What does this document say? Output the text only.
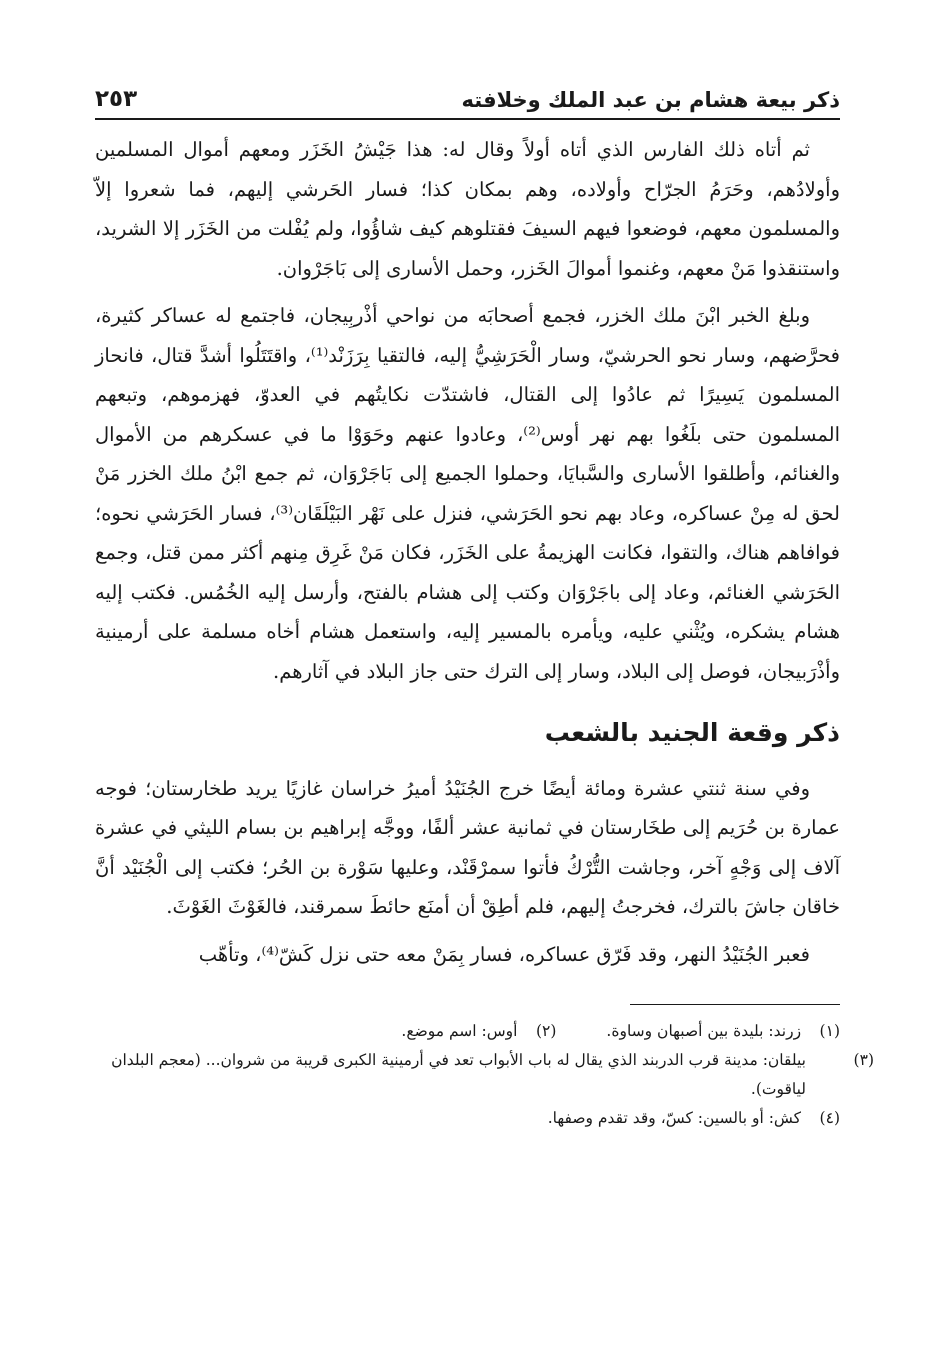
ذكر بيعة هشام بن عبد الملك وخلافته
٢٥٣

ثم أتاه ذلك الفارس الذي أتاه أولاً وقال له: هذا جَيْشُ الخَزَر ومعهم أموال المسلمين وأولادُهم، وحَرَمُ الجرّاح وأولاده، وهم بمكان كذا؛ فسار الحَرشي إليهم، فما شعروا إلاّ والمسلمون معهم، فوضعوا فيهم السيفَ فقتلوهم كيف شاؤُوا، ولم يُفْلت من الخَزَر إلا الشريد، واستنقذوا مَنْ معهم، وغنموا أموالَ الخَزر، وحمل الأسارى إلى بَاجَرْوان.

وبلغ الخبر ابْنَ ملك الخزر، فجمع أصحابَه من نواحي أذْربِيجان، فاجتمع له عساكر كثيرة، فحرَّضهم، وسار نحو الحرشيّ، وسار الْحَرَشِيُّ إليه، فالتقيا بِرَزَنْد⁽¹⁾، واقتَتَلُوا أشدَّ قتال، فانحاز المسلمون يَسِيرًا ثم عادُوا إلى القتال، فاشتدّت نكايتُهم في العدوّ، فهزموهم، وتبعهم المسلمون حتى بلَغُوا بهم نهر أوس⁽²⁾، وعادوا عنهم وحَوَوْا ما في عسكرهم من الأموال والغنائم، وأطلقوا الأسارى والسَّبايَا، وحملوا الجميع إلى بَاجَرْوَان، ثم جمع ابْنُ ملك الخزر مَنْ لحق له مِنْ عساكره، وعاد بهم نحو الحَرَشي، فنزل على نَهْر البَيْلَقَان⁽³⁾، فسار الحَرَشي نحوه؛ فوافاهم هناك، والتقوا، فكانت الهزيمةُ على الخَزَر، فكان مَنْ غَرِق مِنهم أكثر ممن قتل، وجمع الحَرَشي الغنائم، وعاد إلى باجَرْوَان وكتب إلى هشام بالفتح، وأرسل إليه الخُمُس. فكتب إليه هشام يشكره، ويُثْني عليه، ويأمره بالمسير إليه، واستعمل هشام أخاه مسلمة على أرمينية وأذْرَبيجان، فوصل إلى البلاد، وسار إلى الترك حتى جاز البلاد في آثارهم.

ذكر وقعة الجنيد بالشعب

وفي سنة ثنتي عشرة ومائة أيضًا خرج الجُنَيْدُ أميرُ خراسان غازيًا يريد طخارستان؛ فوجه عمارة بن حُرَيم إلى طخَارستان في ثمانية عشر ألفًا، ووجَّه إبراهيم بن بسام الليثي في عشرة آلاف إلى وَجْهٍ آخر، وجاشت التُّرْكُ فأتوا سمرْقَنْد، وعليها سَوْرة بن الحُر؛ فكتب إلى الْجُنَيْد أنَّ خاقان جاشَ بالترك، فخرجتُ إليهم، فلم أطِقْ أن أمنَع حائطَ سمرقند، فالغَوْثَ الغَوْثَ.

فعبر الجُنَيْدُ النهر، وقد فَرّق عساكره، فسار بِمَنْ معه حتى نزل كَشّ⁽⁴⁾، وتأهّب

(١) زرند: بليدة بين أصبهان وساوة.
(٢) أوس: اسم موضع.
(٣)بيلقان: مدينة قرب الدربند الذي يقال له باب الأبواب تعد في أرمينية الكبرى قريبة من شروان... (معجم البلدان لياقوت).
(٤) كش: أو بالسين: كسّ، وقد تقدم وصفها.
